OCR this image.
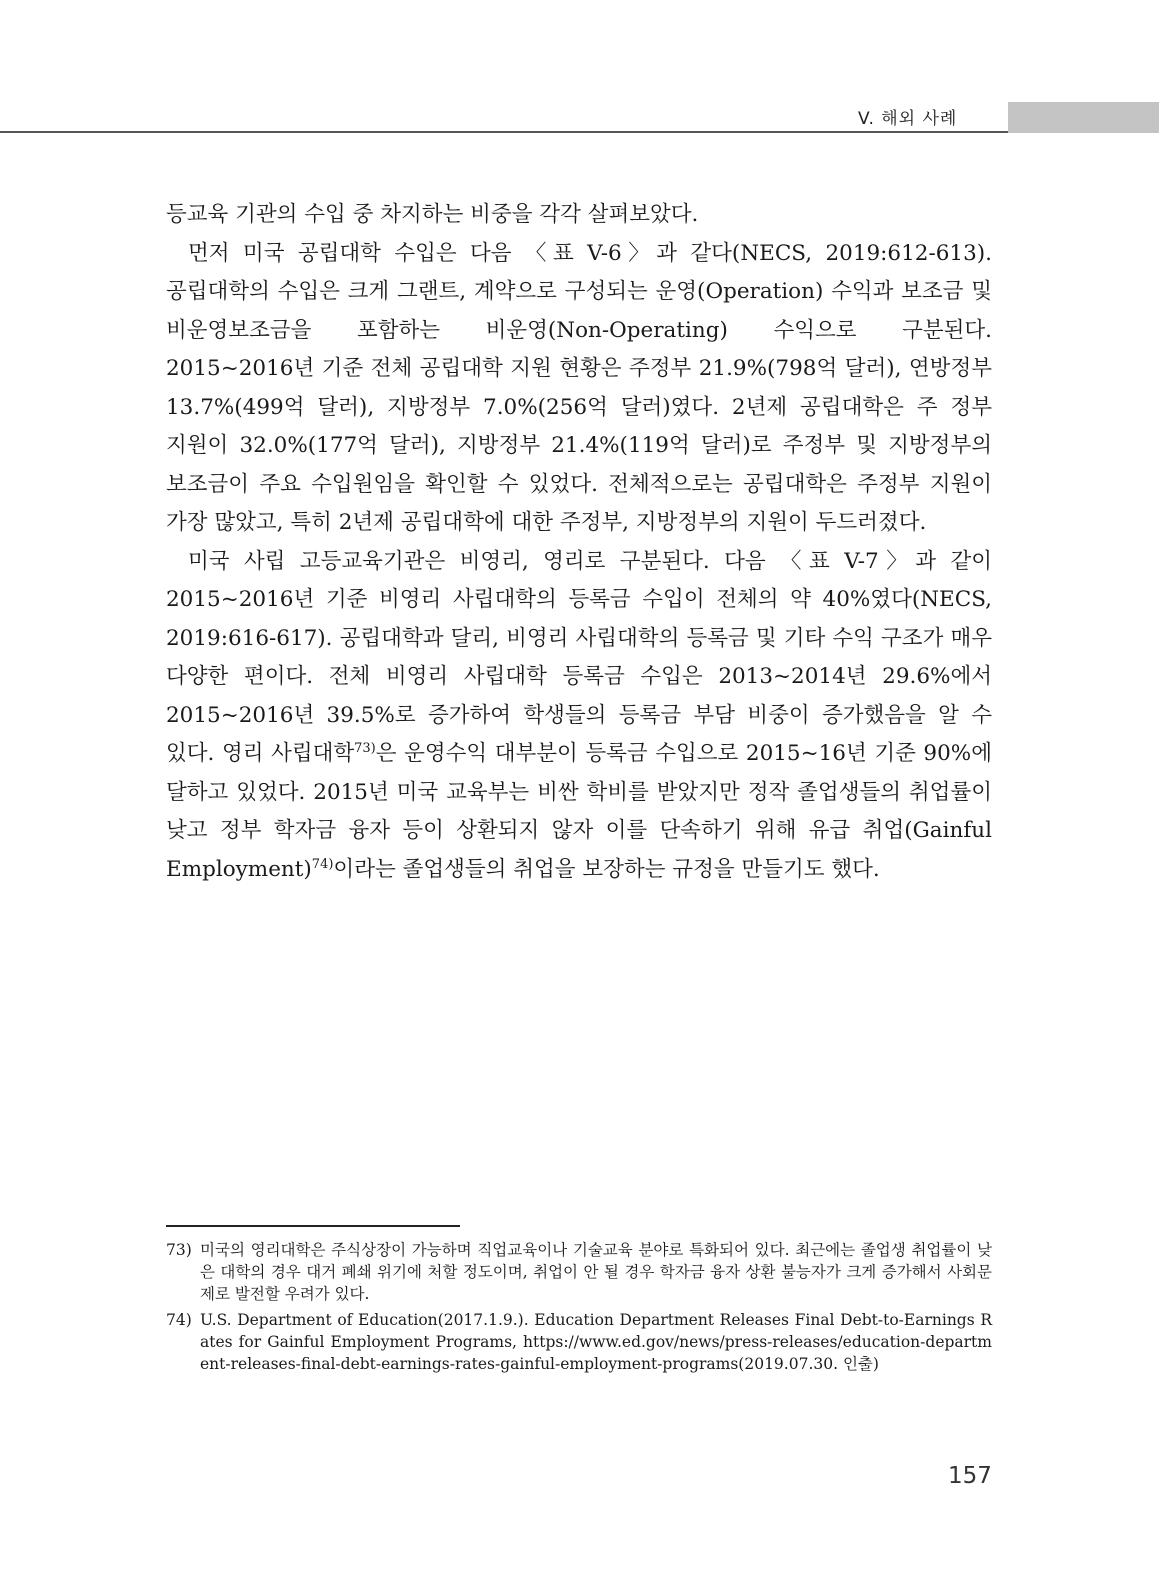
V. 해외 사례

등교육 기관의 수입 중 차지하는 비중을 각각 살펴보았다.

먼저 미국 공립대학 수입은 다음 〈표 V-6〉과 같다(NECS, 2019:612-613). 공립대학의 수입은 크게 그랜트, 계약으로 구성되는 운영(Operation) 수익과 보조금 및 비운영보조금을 포함하는 비운영(Non-Operating) 수익으로 구분된다. 2015~2016년 기준 전체 공립대학 지원 현황은 주정부 21.9%(798억 달러), 연방정부 13.7%(499억 달러), 지방정부 7.0%(256억 달러)였다. 2년제 공립대학은 주 정부 지원이 32.0%(177억 달러), 지방정부 21.4%(119억 달러)로 주정부 및 지방정부의 보조금이 주요 수입원임을 확인할 수 있었다. 전체적으로는 공립대학은 주정부 지원이 가장 많았고, 특히 2년제 공립대학에 대한 주정부, 지방정부의 지원이 두드러졌다.

미국 사립 고등교육기관은 비영리, 영리로 구분된다. 다음 〈표 V-7〉과 같이 2015~2016년 기준 비영리 사립대학의 등록금 수입이 전체의 약 40%였다(NECS, 2019:616-617). 공립대학과 달리, 비영리 사립대학의 등록금 및 기타 수익 구조가 매우 다양한 편이다. 전체 비영리 사립대학 등록금 수입은 2013~2014년 29.6%에서 2015~2016년 39.5%로 증가하여 학생들의 등록금 부담 비중이 증가했음을 알 수 있다. 영리 사립대학$^{73)}$은 운영수익 대부분이 등록금 수입으로 2015~16년 기준 90%에 달하고 있었다. 2015년 미국 교육부는 비싼 학비를 받았지만 정작 졸업생들의 취업률이 낮고 정부 학자금 융자 등이 상환되지 않자 이를 단속하기 위해 유급 취업(Gainful Employment)$^{74)}$이라는 졸업생들의 취업을 보장하는 규정을 만들기도 했다.

73) 미국의 영리대학은 주식상장이 가능하며 직업교육이나 기술교육 분야로 특화되어 있다. 최근에는 졸업생 취업률이 낮은 대학의 경우 대거 폐쇄 위기에 처할 정도이며, 취업이 안 될 경우 학자금 융자 상환 불능자가 크게 증가해서 사회문제로 발전할 우려가 있다.

74) U.S. Department of Education(2017.1.9.). Education Department Releases Final Debt-to-Earnings Rates for Gainful Employment Programs, https://www.ed.gov/news/press-releases/education-department-releases-final-debt-earnings-rates-gainful-employment-programs(2019.07.30. 인출)

157
